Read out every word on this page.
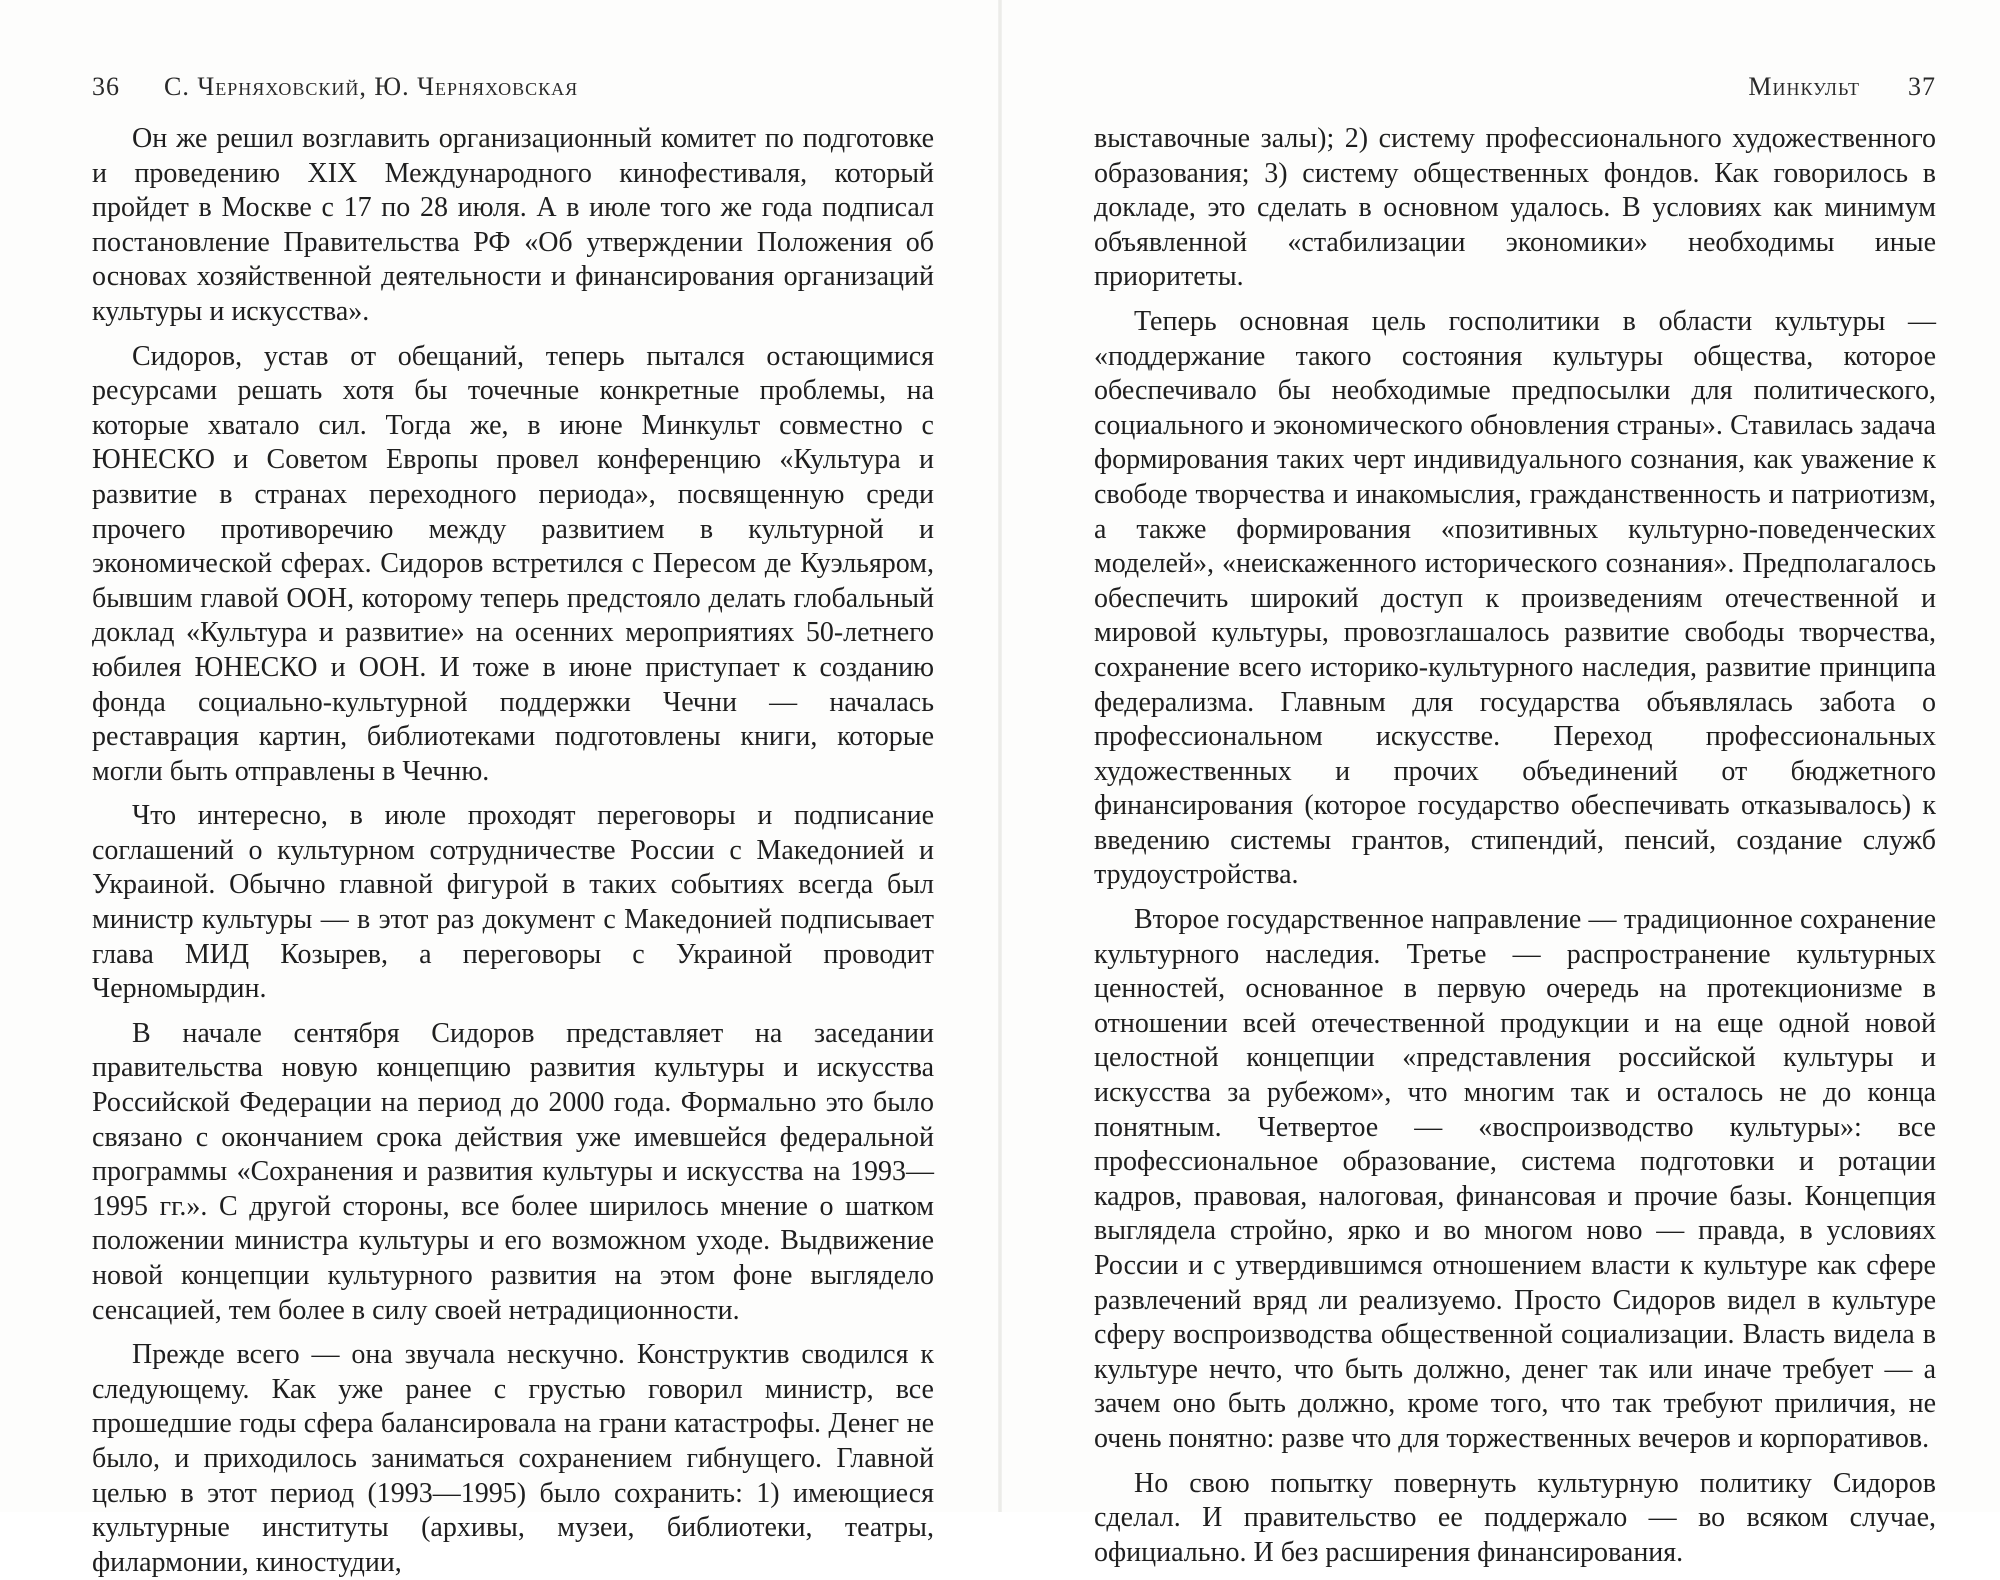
36 С. Черняховский, Ю. Черняховская

Он же решил возглавить организационный комитет по подготовке и проведению XIX Международного кинофестиваля, который пройдет в Москве с 17 по 28 июля. А в июле того же года подписал постановление Правительства РФ «Об утверждении Положения об основах хозяйственной деятельности и финансирования организаций культуры и искусства».

Сидоров, устав от обещаний, теперь пытался остающимися ресурсами решать хотя бы точечные конкретные проблемы, на которые хватало сил. Тогда же, в июне Минкульт совместно с ЮНЕСКО и Советом Европы провел конференцию «Культура и развитие в странах переходного периода», посвященную среди прочего противоречию между развитием в культурной и экономической сферах. Сидоров встретился с Пересом де Куэльяром, бывшим главой ООН, которому теперь предстояло делать глобальный доклад «Культура и развитие» на осенних мероприятиях 50-летнего юбилея ЮНЕСКО и ООН. И тоже в июне приступает к созданию фонда социально-культурной поддержки Чечни — началась реставрация картин, библиотеками подготовлены книги, которые могли быть отправлены в Чечню.

Что интересно, в июле проходят переговоры и подписание соглашений о культурном сотрудничестве России с Македонией и Украиной. Обычно главной фигурой в таких событиях всегда был министр культуры — в этот раз документ с Македонией подписывает глава МИД Козырев, а переговоры с Украиной проводит Черномырдин.

В начале сентября Сидоров представляет на заседании правительства новую концепцию развития культуры и искусства Российской Федерации на период до 2000 года. Формально это было связано с окончанием срока действия уже имевшейся федеральной программы «Сохранения и развития культуры и искусства на 1993—1995 гг.». С другой стороны, все более ширилось мнение о шатком положении министра культуры и его возможном уходе. Выдвижение новой концепции культурного развития на этом фоне выглядело сенсацией, тем более в силу своей нетрадиционности.

Прежде всего — она звучала нескучно. Конструктив сводился к следующему. Как уже ранее с грустью говорил министр, все прошедшие годы сфера балансировала на грани катастрофы. Денег не было, и приходилось заниматься сохранением гибнущего. Главной целью в этот период (1993—1995) было сохранить: 1) имеющиеся культурные институты (архивы, музеи, библиотеки, театры, филармонии, киностудии,

Минкульт 37

выставочные залы); 2) систему профессионального художественного образования; 3) систему общественных фондов. Как говорилось в докладе, это сделать в основном удалось. В условиях как минимум объявленной «стабилизации экономики» необходимы иные приоритеты.

Теперь основная цель госполитики в области культуры — «поддержание такого состояния культуры общества, которое обеспечивало бы необходимые предпосылки для политического, социального и экономического обновления страны». Ставилась задача формирования таких черт индивидуального сознания, как уважение к свободе творчества и инакомыслия, гражданственность и патриотизм, а также формирования «позитивных культурно-поведенческих моделей», «неискаженного исторического сознания». Предполагалось обеспечить широкий доступ к произведениям отечественной и мировой культуры, провозглашалось развитие свободы творчества, сохранение всего историко-культурного наследия, развитие принципа федерализма. Главным для государства объявлялась забота о профессиональном искусстве. Переход профессиональных художественных и прочих объединений от бюджетного финансирования (которое государство обеспечивать отказывалось) к введению системы грантов, стипендий, пенсий, создание служб трудоустройства.

Второе государственное направление — традиционное сохранение культурного наследия. Третье — распространение культурных ценностей, основанное в первую очередь на протекционизме в отношении всей отечественной продукции и на еще одной новой целостной концепции «представления российской культуры и искусства за рубежом», что многим так и осталось не до конца понятным. Четвертое — «воспроизводство культуры»: все профессиональное образование, система подготовки и ротации кадров, правовая, налоговая, финансовая и прочие базы. Концепция выглядела стройно, ярко и во многом ново — правда, в условиях России и с утвердившимся отношением власти к культуре как сфере развлечений вряд ли реализуемо. Просто Сидоров видел в культуре сферу воспроизводства общественной социализации. Власть видела в культуре нечто, что быть должно, денег так или иначе требует — а зачем оно быть должно, кроме того, что так требуют приличия, не очень понятно: разве что для торжественных вечеров и корпоративов.

Но свою попытку повернуть культурную политику Сидоров сделал. И правительство ее поддержало — во всяком случае, официально. И без расширения финансирования.
